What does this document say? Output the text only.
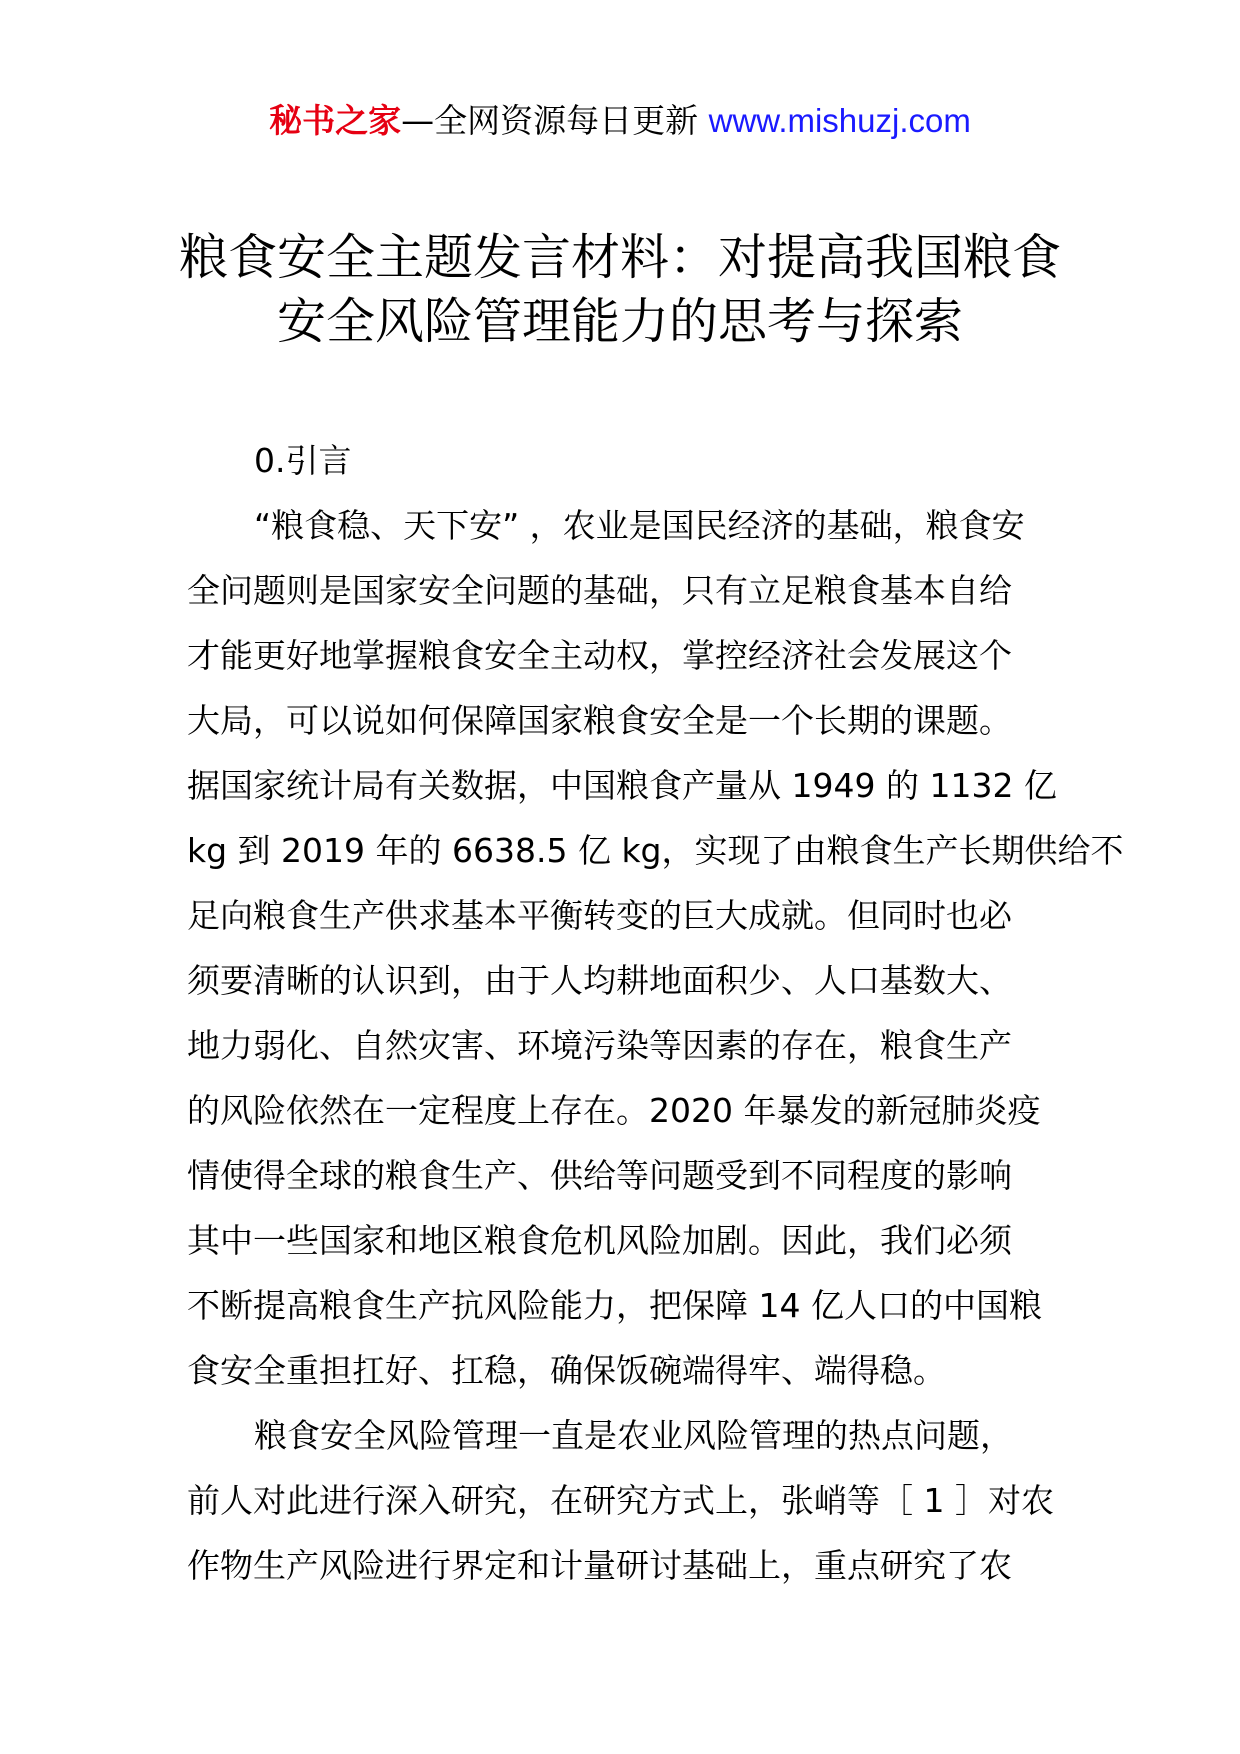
秘书之家—全网资源每日更新 www.mishuzj.com
粮食安全主题发言材料：对提高我国粮食
安全风险管理能力的思考与探索
0.引言
“粮食稳、天下安” ，农业是国民经济的基础，粮食安
全问题则是国家安全问题的基础，只有立足粮食基本自给
才能更好地掌握粮食安全主动权，掌控经济社会发展这个
大局，可以说如何保障国家粮食安全是一个长期的课题。
据国家统计局有关数据，中国粮食产量从 1949 的 1132 亿
kg 到 2019 年的 6638.5 亿 kg，实现了由粮食生产长期供给不
足向粮食生产供求基本平衡转变的巨大成就。但同时也必
须要清晰的认识到，由于人均耕地面积少、人口基数大、
地力弱化、自然灾害、环境污染等因素的存在，粮食生产
的风险依然在一定程度上存在。2020 年暴发的新冠肺炎疫
情使得全球的粮食生产、供给等问题受到不同程度的影响
其中一些国家和地区粮食危机风险加剧。因此，我们必须
不断提高粮食生产抗风险能力，把保障 14 亿人口的中国粮
食安全重担扛好、扛稳，确保饭碗端得牢、端得稳。
粮食安全风险管理一直是农业风险管理的热点问题，
前人对此进行深入研究，在研究方式上，张峭等［ 1 ］对农
作物生产风险进行界定和计量研讨基础上，重点研究了农
